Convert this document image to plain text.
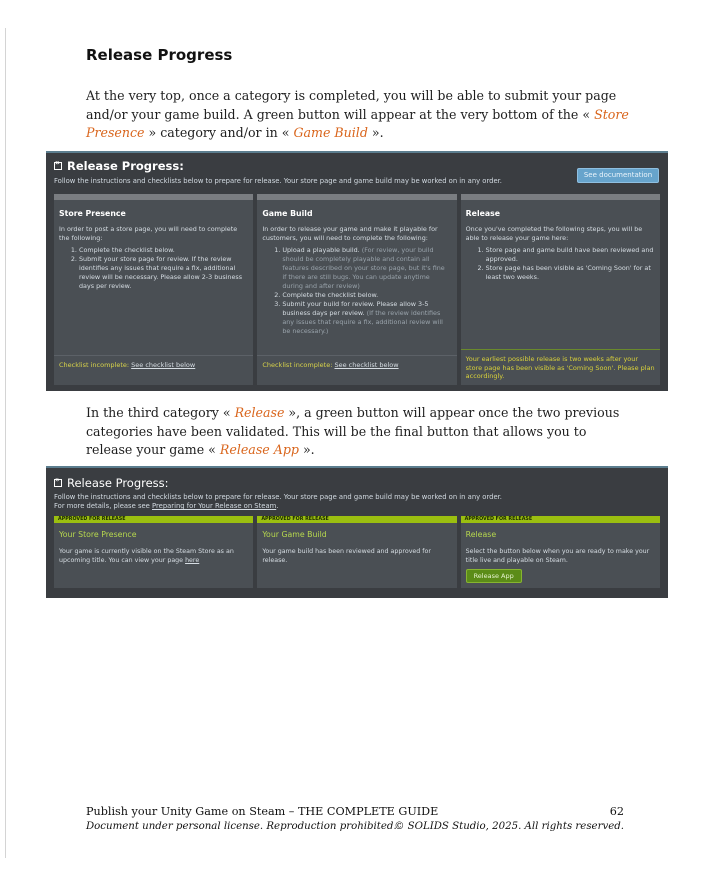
Release Progress

At the very top, once a category is completed, you will be able to submit your page and/or your game build. A green button will appear at the very bottom of the « Store Presence » category and/or in « Game Build ».

»
Release Progress:
Follow the instructions and checklists below to prepare for release. Your store page and game build may be worked on in any order.
See documentation
Store Presence
In order to post a store page, you will need to complete the following:
1. Complete the checklist below.
2. Submit your store page for review. If the review identifies any issues that require a fix, additional review will be necessary. Please allow 2-3 business days per review.
Checklist incomplete: See checklist below
Game Build
In order to release your game and make it playable for customers, you will need to complete the following:
1. Upload a playable build. (For review, your build should be completely playable and contain all features described on your store page, but it's fine if there are still bugs. You can update anytime during and after review)
2. Complete the checklist below.
3. Submit your build for review. Please allow 3-5 business days per review. (If the review identifies any issues that require a fix, additional review will be necessary.)
Checklist incomplete: See checklist below
Release
Once you've completed the following steps, you will be able to release your game here:
1. Store page and game build have been reviewed and approved.
2. Store page has been visible as 'Coming Soon' for at least two weeks.
Your earliest possible release is two weeks after your store page has been visible as 'Coming Soon'. Please plan accordingly.

In the third category « Release », a green button will appear once the two previous categories have been validated. This will be the final button that allows you to release your game « Release App ».

»
Release Progress:
Follow the instructions and checklists below to prepare for release. Your store page and game build may be worked on in any order.
For more details, please see Preparing for Your Release on Steam.
APPROVED FOR RELEASE
Your Store Presence
Your game is currently visible on the Steam Store as an upcoming title. You can view your page here
APPROVED FOR RELEASE
Your Game Build
Your game build has been reviewed and approved for release.
APPROVED FOR RELEASE
Release
Select the button below when you are ready to make your title live and playable on Steam.
Release App
Publish your Unity Game on Steam – THE COMPLETE GUIDE
Document under personal license. Reproduction prohibited.
62
© SOLIDS Studio, 2025. All rights reserved.
